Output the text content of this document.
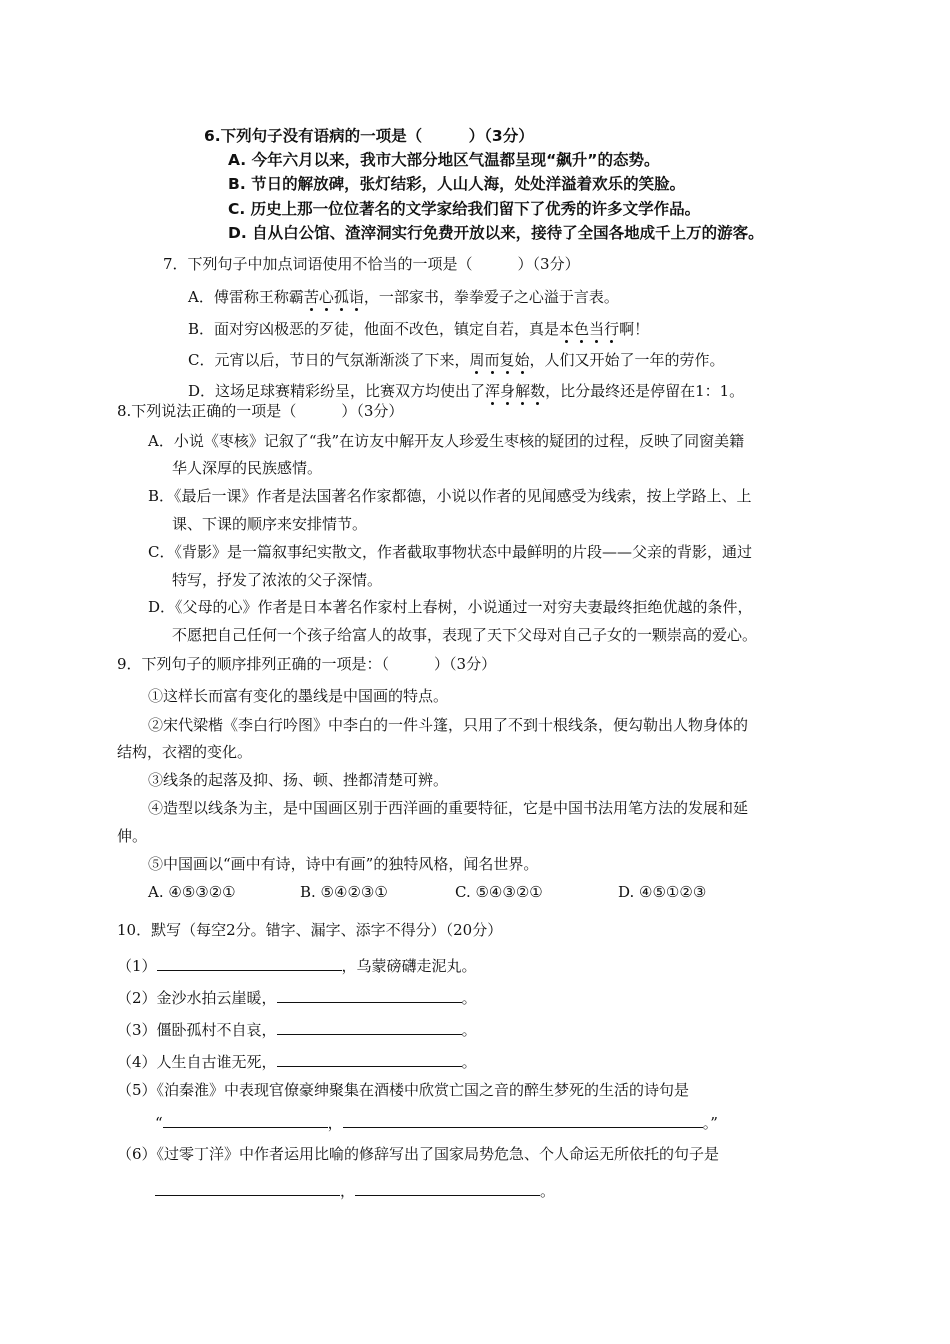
6.下列句子没有语病的一项是（　　　）（3分）
A. 今年六月以来，我市大部分地区气温都呈现“飙升”的态势。
B. 节日的解放碑，张灯结彩，人山人海，处处洋溢着欢乐的笑脸。
C. 历史上那一位位著名的文学家给我们留下了优秀的许多文学作品。
D. 自从白公馆、渣滓洞实行免费开放以来，接待了全国各地成千上万的游客。
7．下列句子中加点词语使用不恰当的一项是（　　　）（3分）
A．傅雷称王称霸苦心孤诣，一部家书，拳拳爱子之心溢于言表。
B．面对穷凶极恶的歹徒，他面不改色，镇定自若，真是本色当行啊！
C．元宵以后，节日的气氛渐渐淡了下来，周而复始，人们又开始了一年的劳作。
D．这场足球赛精彩纷呈，比赛双方均使出了浑身解数，比分最终还是停留在1：1。
8.下列说法正确的一项是（　　　）（3分）
A．小说《枣核》记叙了“我”在访友中解开友人珍爱生枣核的疑团的过程，反映了同窗美籍
华人深厚的民族感情。
B．《最后一课》作者是法国著名作家都德，小说以作者的见闻感受为线索，按上学路上、上
课、下课的顺序来安排情节。
C．《背影》是一篇叙事纪实散文，作者截取事物状态中最鲜明的片段——父亲的背影，通过
特写，抒发了浓浓的父子深情。
D．《父母的心》作者是日本著名作家村上春树，小说通过一对穷夫妻最终拒绝优越的条件，
不愿把自己任何一个孩子给富人的故事，表现了天下父母对自己子女的一颗崇高的爱心。
9．下列句子的顺序排列正确的一项是：（　　　）（3分）
①这样长而富有变化的墨线是中国画的特点。
②宋代梁楷《李白行吟图》中李白的一件斗篷，只用了不到十根线条，便勾勒出人物身体的
结构，衣褶的变化。
③线条的起落及抑、扬、顿、挫都清楚可辨。
④造型以线条为主，是中国画区别于西洋画的重要特征，它是中国书法用笔方法的发展和延
伸。
⑤中国画以“画中有诗，诗中有画”的独特风格，闻名世界。
A. ④⑤③②①	B. ⑤④②③①	C. ⑤④③②①	D. ④⑤①②③
10．默写（每空2分。错字、漏字、添字不得分）（20分）
（1）	，乌蒙磅礴走泥丸。
（2）金沙水拍云崖暖，	。
（3）僵卧孤村不自哀，	。
（4）人生自古谁无死，	。
（5）《泊秦淮》中表现官僚豪绅聚集在酒楼中欣赏亡国之音的醉生梦死的生活的诗句是
“	，	。”
（6）《过零丁洋》中作者运用比喻的修辞写出了国家局势危急、个人命运无所依托的句子是
，	。
